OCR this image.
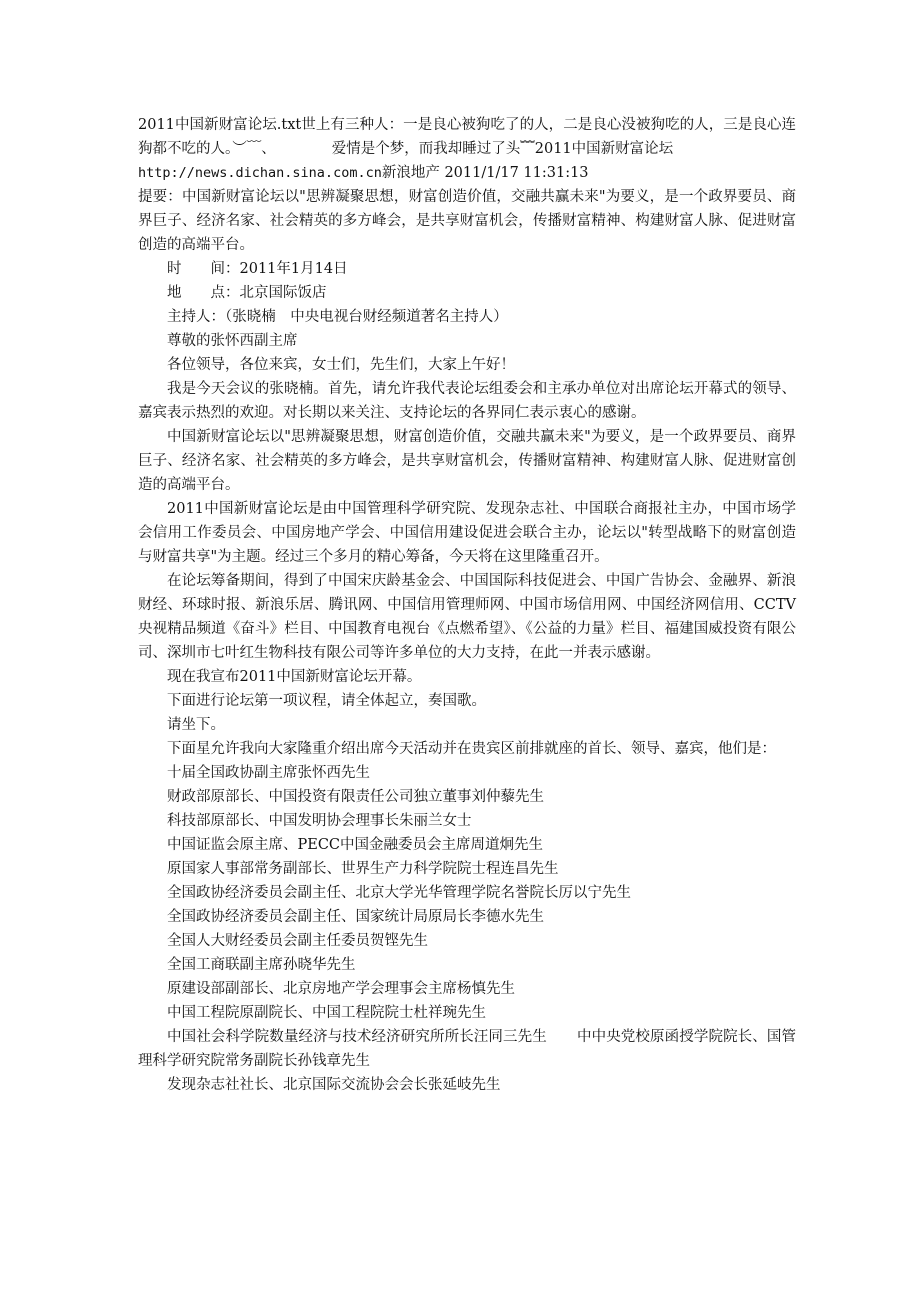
2011中国新财富论坛.txt世上有三种人：一是良心被狗吃了的人，二是良心没被狗吃的人，三是良心连狗都不吃的人。︶﹋、	爱情是个梦，而我却睡过了头﹌2011中国新财富论坛

http://news.dichan.sina.com.cn新浪地产 2011/1/17 11:31:13

提要：中国新财富论坛以"思辨凝聚思想，财富创造价值，交融共赢未来"为要义，是一个政界要员、商界巨子、经济名家、社会精英的多方峰会，是共享财富机会，传播财富精神、构建财富人脉、促进财富创造的高端平台。

时　　间：2011年1月14日

地　　点：北京国际饭店

主持人：（张晓楠　中央电视台财经频道著名主持人）

尊敬的张怀西副主席

各位领导，各位来宾，女士们，先生们，大家上午好！

我是今天会议的张晓楠。首先，请允许我代表论坛组委会和主承办单位对出席论坛开幕式的领导、嘉宾表示热烈的欢迎。对长期以来关注、支持论坛的各界同仁表示衷心的感谢。

中国新财富论坛以"思辨凝聚思想，财富创造价值，交融共赢未来"为要义，是一个政界要员、商界巨子、经济名家、社会精英的多方峰会，是共享财富机会，传播财富精神、构建财富人脉、促进财富创造的高端平台。

2011中国新财富论坛是由中国管理科学研究院、发现杂志社、中国联合商报社主办，中国市场学会信用工作委员会、中国房地产学会、中国信用建设促进会联合主办，论坛以"转型战略下的财富创造与财富共享"为主题。经过三个多月的精心筹备，今天将在这里隆重召开。

在论坛筹备期间，得到了中国宋庆龄基金会、中国国际科技促进会、中国广告协会、金融界、新浪财经、环球时报、新浪乐居、腾讯网、中国信用管理师网、中国市场信用网、中国经济网信用、CCTV央视精品频道《奋斗》栏目、中国教育电视台《点燃希望》、《公益的力量》栏目、福建国威投资有限公司、深圳市七叶红生物科技有限公司等许多单位的大力支持，在此一并表示感谢。

现在我宣布2011中国新财富论坛开幕。

下面进行论坛第一项议程，请全体起立，奏国歌。

请坐下。

下面星允许我向大家隆重介绍出席今天活动并在贵宾区前排就座的首长、领导、嘉宾，他们是：

十届全国政协副主席张怀西先生

财政部原部长、中国投资有限责任公司独立董事刘仲藜先生

科技部原部长、中国发明协会理事长朱丽兰女士

中国证监会原主席、PECC中国金融委员会主席周道炯先生

原国家人事部常务副部长、世界生产力科学院院士程连昌先生

全国政协经济委员会副主任、北京大学光华管理学院名誉院长厉以宁先生

全国政协经济委员会副主任、国家统计局原局长李德水先生

全国人大财经委员会副主任委员贺铿先生

全国工商联副主席孙晓华先生

原建设部副部长、北京房地产学会理事会主席杨慎先生

中国工程院原副院长、中国工程院院士杜祥琬先生

中国社会科学院数量经济与技术经济研究所所长汪同三先生 中中央党校原函授学院院长、国管理科学研究院常务副院长孙钱章先生

发现杂志社社长、北京国际交流协会会长张延岐先生
